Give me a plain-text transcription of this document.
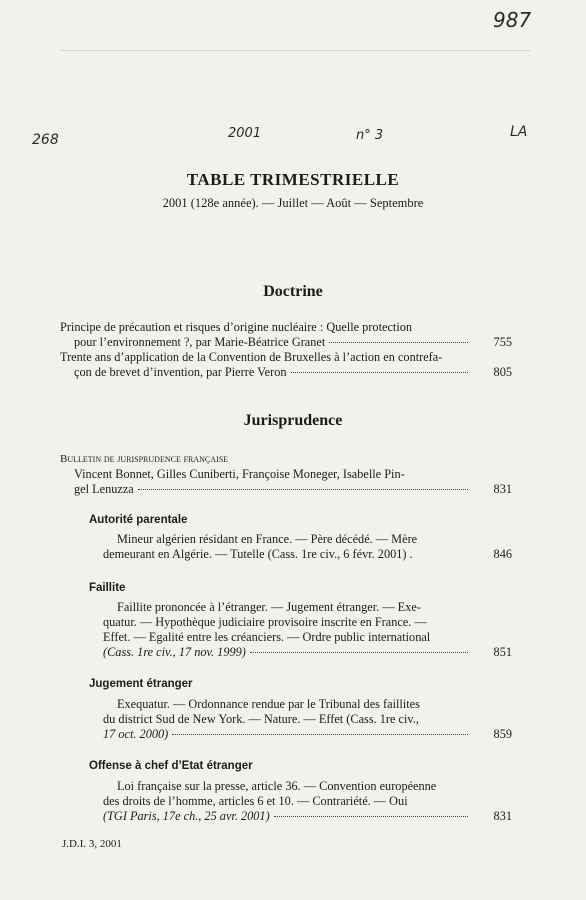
987
268	2001	n° 3	LA
TABLE TRIMESTRIELLE
2001 (128e année). — Juillet — Août — Septembre
Doctrine
Principe de précaution et risques d’origine nucléaire : Quelle protection
pour l’environnement ?, par Marie-Béatrice Granet	755
Trente ans d’application de la Convention de Bruxelles à l’action en contrefa-
çon de brevet d’invention, par Pierre Veron	805
Jurisprudence
Bulletin de jurisprudence française
Vincent Bonnet, Gilles Cuniberti, Françoise Moneger, Isabelle Pin-
gel Lenuzza	831
Autorité parentale
Mineur algérien résidant en France. — Père décédé. — Mère
demeurant en Algérie. — Tutelle (Cass. 1re civ., 6 févr. 2001) .	846
Faillite
Faillite prononcée à l’étranger. — Jugement étranger. — Exe-
quatur. — Hypothèque judiciaire provisoire inscrite en France. —
Effet. — Egalité entre les créanciers. — Ordre public international
(Cass. 1re civ., 17 nov. 1999)	851
Jugement étranger
Exequatur. — Ordonnance rendue par le Tribunal des faillites
du district Sud de New York. — Nature. — Effet (Cass. 1re civ.,
17 oct. 2000)	859
Offense à chef d’Etat étranger
Loi française sur la presse, article 36. — Convention européenne
des droits de l’homme, articles 6 et 10. — Contrariété. — Oui
(TGI Paris, 17e ch., 25 avr. 2001)	831
J.D.I. 3, 2001
